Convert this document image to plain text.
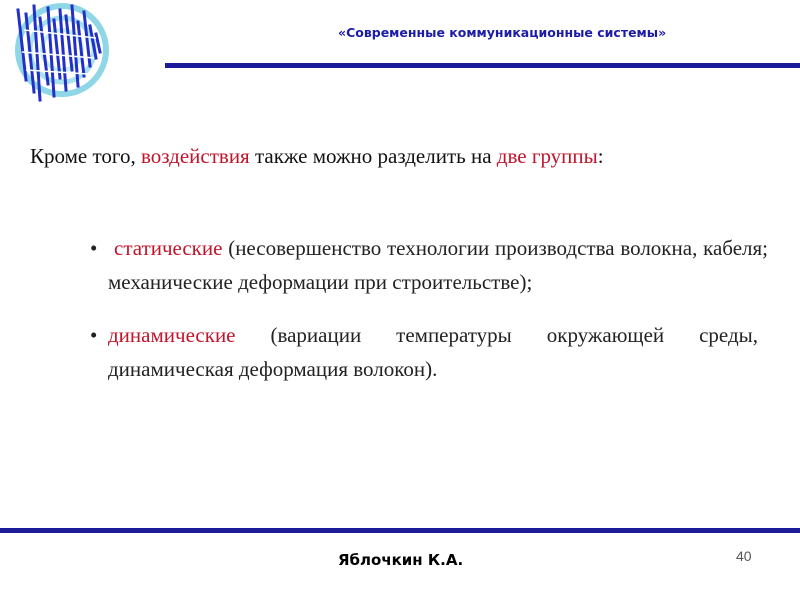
«Современные коммуникационные системы»
Кроме того, воздействия также можно разделить на две группы:
• статические (несовершенство технологии производства волокна, кабеля; механические деформации при строительстве);
• динамические (вариации температуры окружающей среды, динамическая деформация волокон).
Яблочкин К.А.	40
